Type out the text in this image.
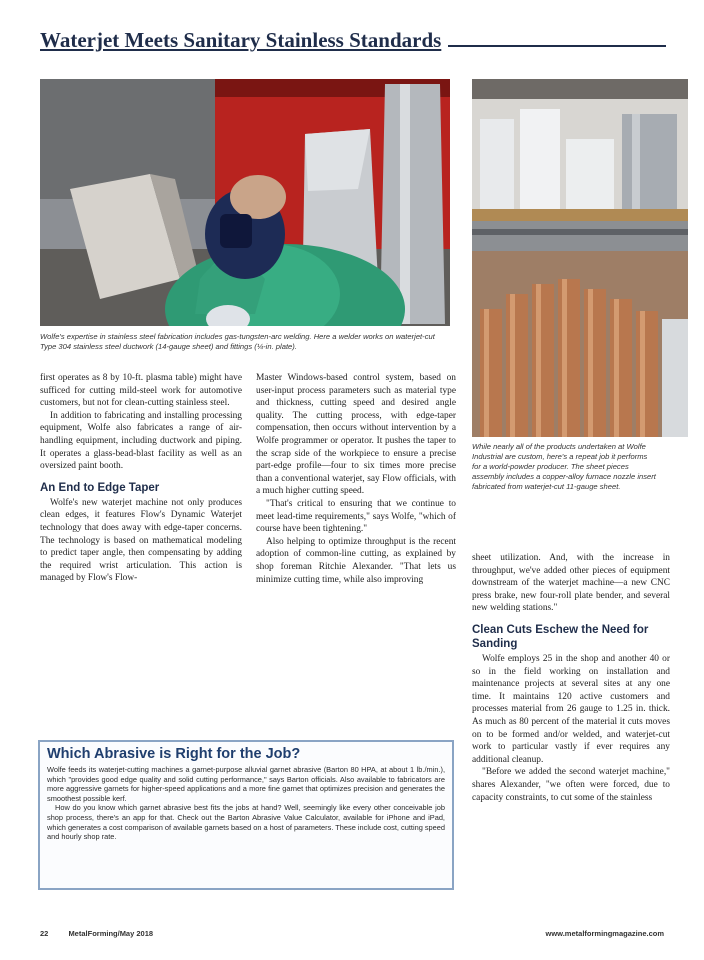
Waterjet Meets Sanitary Stainless Standards
Wolfe's expertise in stainless steel fabrication includes gas-tungsten-arc welding. Here a welder works on waterjet-cut Type 304 stainless steel ductwork (14-gauge sheet) and fittings (¼-in. plate).
While nearly all of the products undertaken at Wolfe Industrial are custom, here's a repeat job it performs for a world-powder producer. The sheet pieces assembly includes a copper-alloy furnace nozzle insert fabricated from waterjet-cut 11-gauge sheet.

first operates as 8 by 10-ft. plasma table) might have sufficed for cutting mild-steel work for automotive customers, but not for clean-cutting stainless steel.

In addition to fabricating and installing processing equipment, Wolfe also fabricates a range of air-handling equipment, including ductwork and piping. It operates a glass-bead-blast facility as well as an oversized paint booth.

An End to Edge Taper

Wolfe's new waterjet machine not only produces clean edges, it features Flow's Dynamic Waterjet technology that does away with edge-taper concerns. The technology is based on mathematical modeling to predict taper angle, then compensating by adding the required wrist articulation. This action is managed by Flow's Flow-

Master Windows-based control system, based on user-input process parameters such as material type and thickness, cutting speed and desired angle quality. The cutting process, with edge-taper compensation, then occurs without intervention by a Wolfe programmer or operator. It pushes the taper to the scrap side of the workpiece to ensure a precise part-edge profile—four to six times more precise than a conventional waterjet, say Flow officials, with a much higher cutting speed.

"That's critical to ensuring that we continue to meet lead-time requirements," says Wolfe, "which of course have been tightening."

Also helping to optimize throughput is the recent adoption of common-line cutting, as explained by shop foreman Ritchie Alexander. "That lets us minimize cutting time, while also improving

sheet utilization. And, with the increase in throughput, we've added other pieces of equipment downstream of the waterjet machine—a new CNC press brake, new four-roll plate bender, and several new welding stations."

Clean Cuts Eschew the Need for Sanding

Wolfe employs 25 in the shop and another 40 or so in the field working on installation and maintenance projects at several sites at any one time. It maintains 120 active customers and processes material from 26 gauge to 1.25 in. thick. As much as 80 percent of the material it cuts moves on to be formed and/or welded, and waterjet-cut work to particular vastly if ever requires any additional cleanup.

"Before we added the second waterjet machine," shares Alexander, "we often were forced, due to capacity constraints, to cut some of the stainless

Which Abrasive is Right for the Job?

Wolfe feeds its waterjet-cutting machines a garnet-purpose alluvial garnet abrasive (Barton 80 HPA, at about 1 lb./min.), which "provides good edge quality and solid cutting performance," says Barton officials. Also available to fabricators are more aggressive garnets for higher-speed applications and a more fine garnet that optimizes precision and generates the smoothest possible kerf.

How do you know which garnet abrasive best fits the jobs at hand? Well, seemingly like every other conceivable job shop process, there's an app for that. Check out the Barton Abrasive Value Calculator, available for iPhone and iPad, which generates a cost comparison of available garnets based on a host of parameters. These include cost, cutting speed and hourly shop rate.

22	MetalForming/May 2018	www.metalformingmagazine.com
